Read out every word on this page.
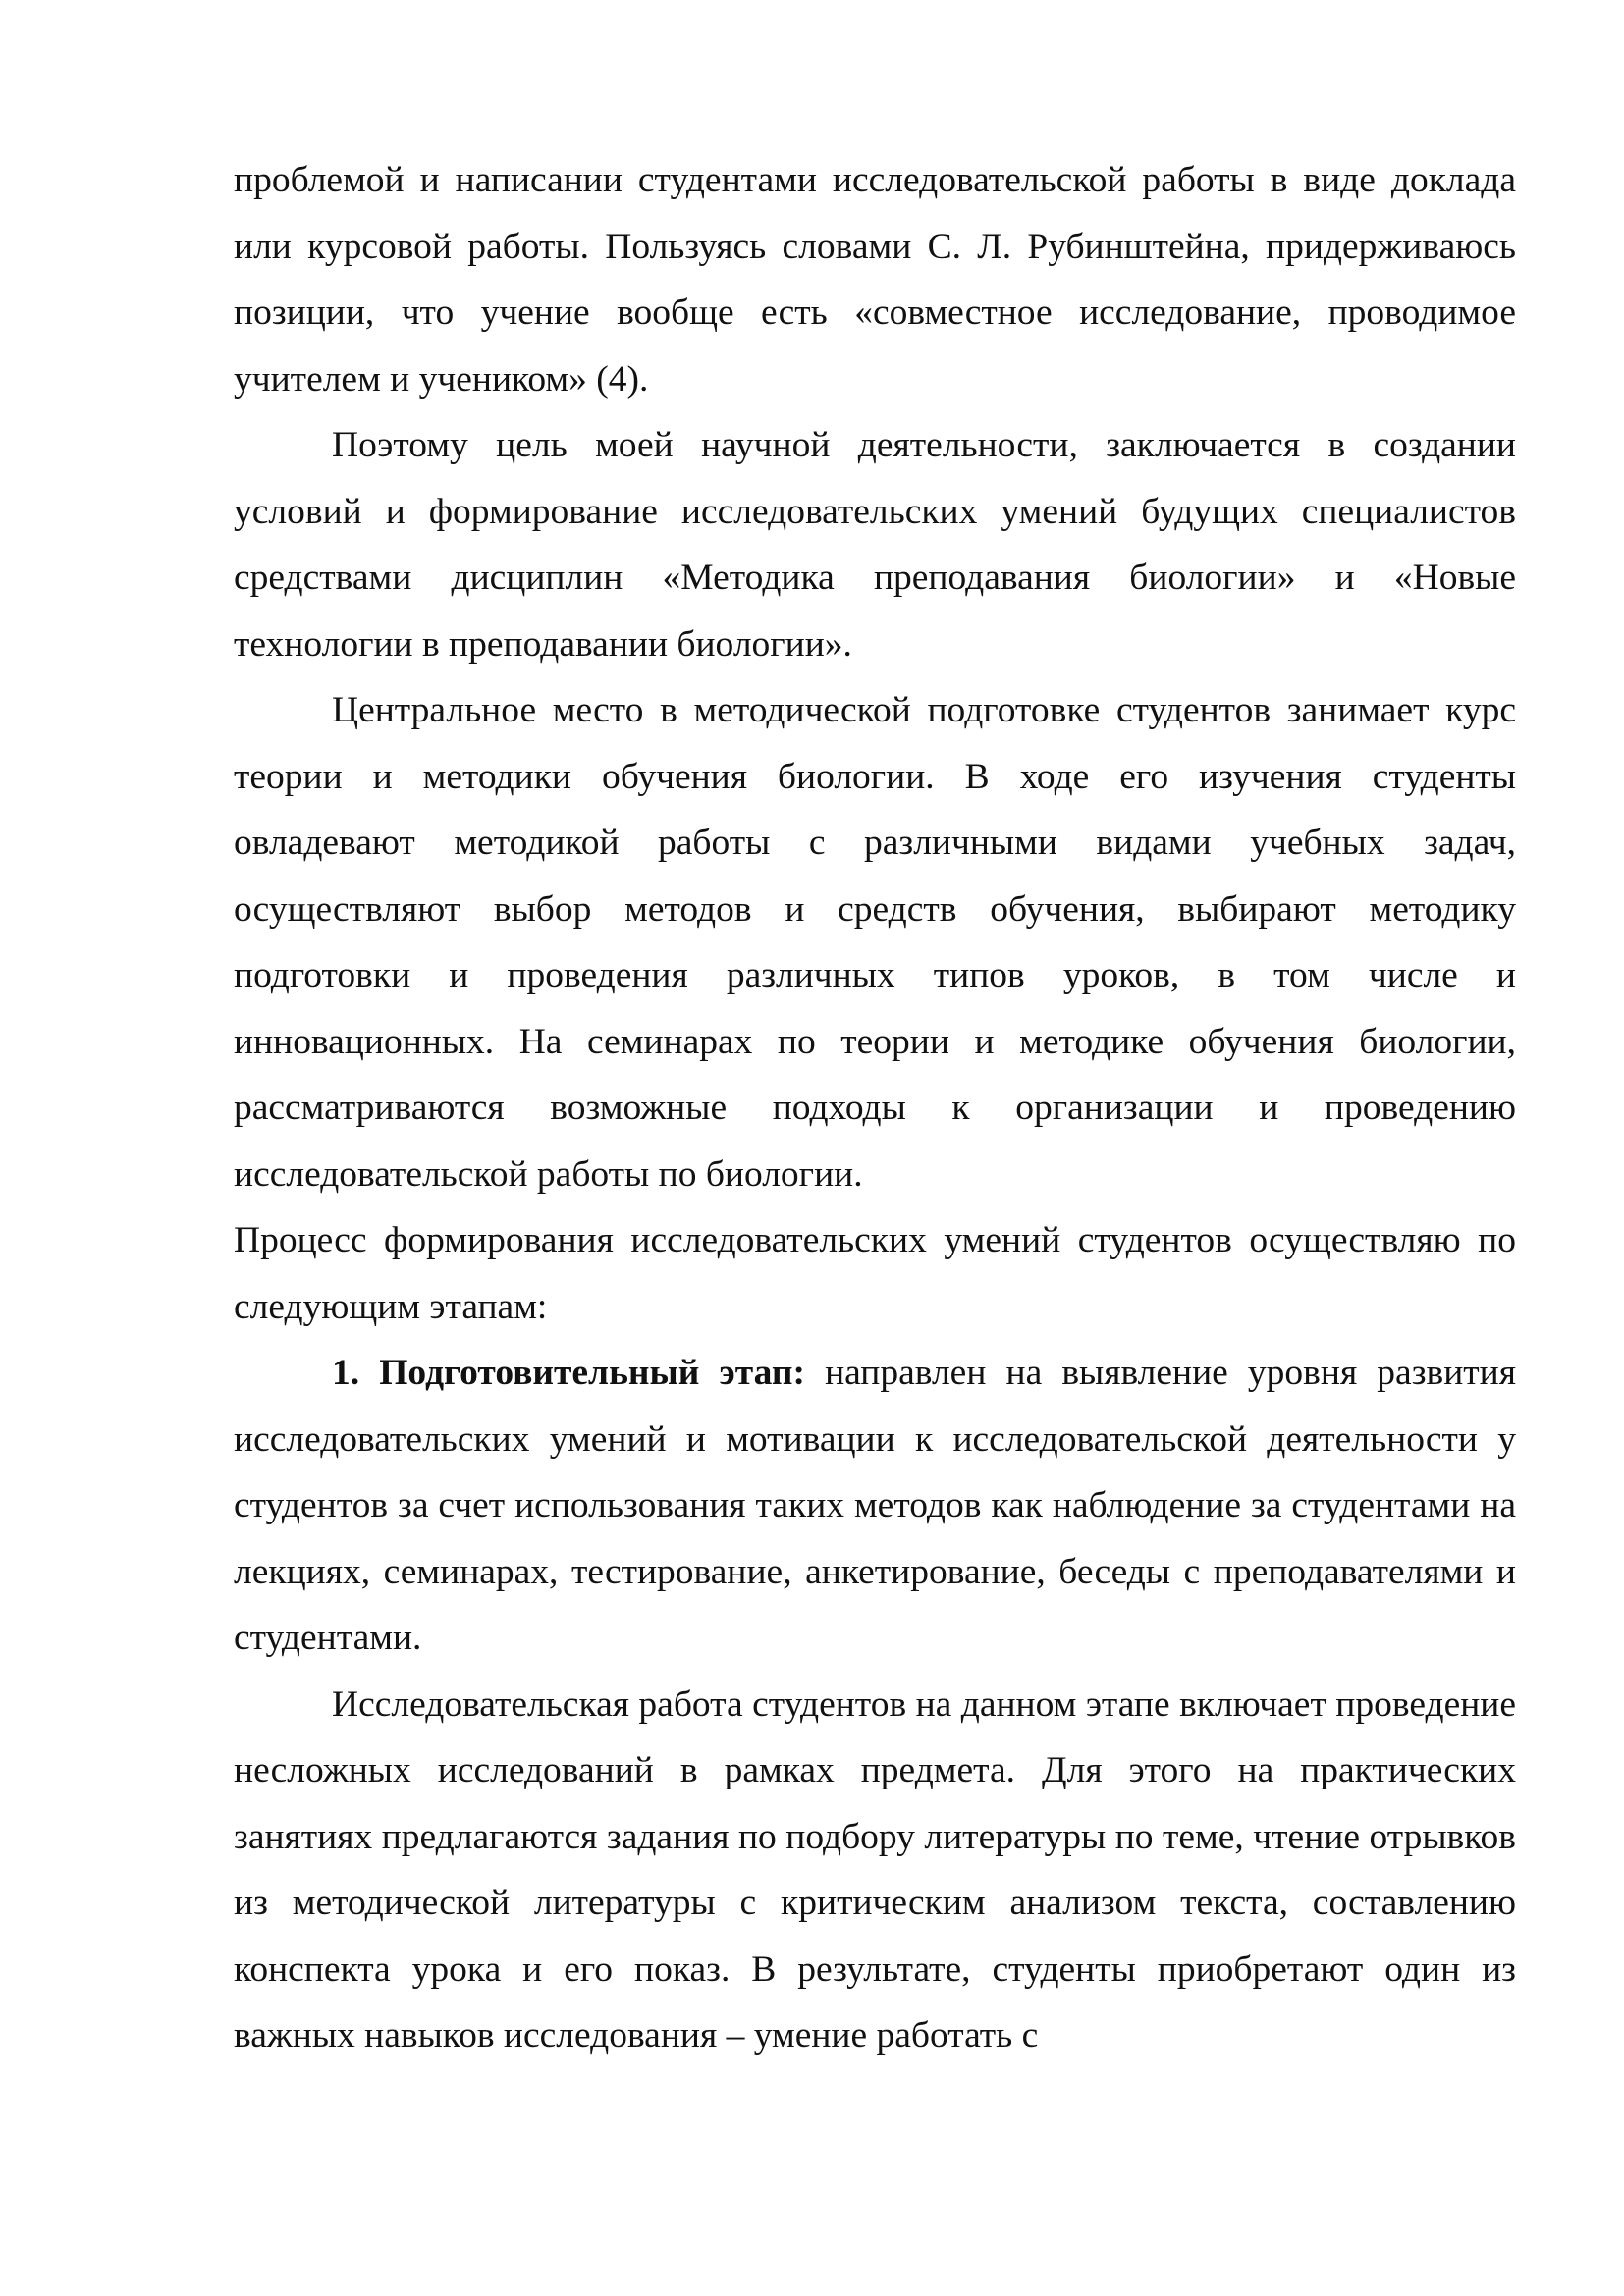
проблемой и написании студентами исследовательской работы в виде доклада или курсовой работы. Пользуясь словами С. Л. Рубинштейна, придерживаюсь позиции, что учение вообще есть «совместное исследование, проводимое учителем и учеником» (4).

Поэтому цель моей научной деятельности, заключается в создании условий и формирование исследовательских умений будущих специалистов средствами дисциплин «Методика преподавания биологии» и «Новые технологии в преподавании биологии».

Центральное место в методической подготовке студентов занимает курс теории и методики обучения биологии. В ходе его изучения студенты овладевают методикой работы с различными видами учебных задач, осуществляют выбор методов и средств обучения, выбирают методику подготовки и проведения различных типов уроков, в том числе и инновационных. На семинарах по теории и методике обучения биологии, рассматриваются возможные подходы к организации и проведению исследовательской работы по биологии.

Процесс формирования исследовательских умений студентов осуществляю по следующим этапам:

1. Подготовительный этап: направлен на выявление уровня развития исследовательских умений и мотивации к исследовательской деятельности у студентов за счет использования таких методов как наблюдение за студентами на лекциях, семинарах, тестирование, анкетирование, беседы с преподавателями и студентами.

Исследовательская работа студентов на данном этапе включает проведение несложных исследований в рамках предмета. Для этого на практических занятиях предлагаются задания по подбору литературы по теме, чтение отрывков из методической литературы с критическим анализом текста, составлению конспекта урока и его показ. В результате, студенты приобретают один из важных навыков исследования – умение работать с
